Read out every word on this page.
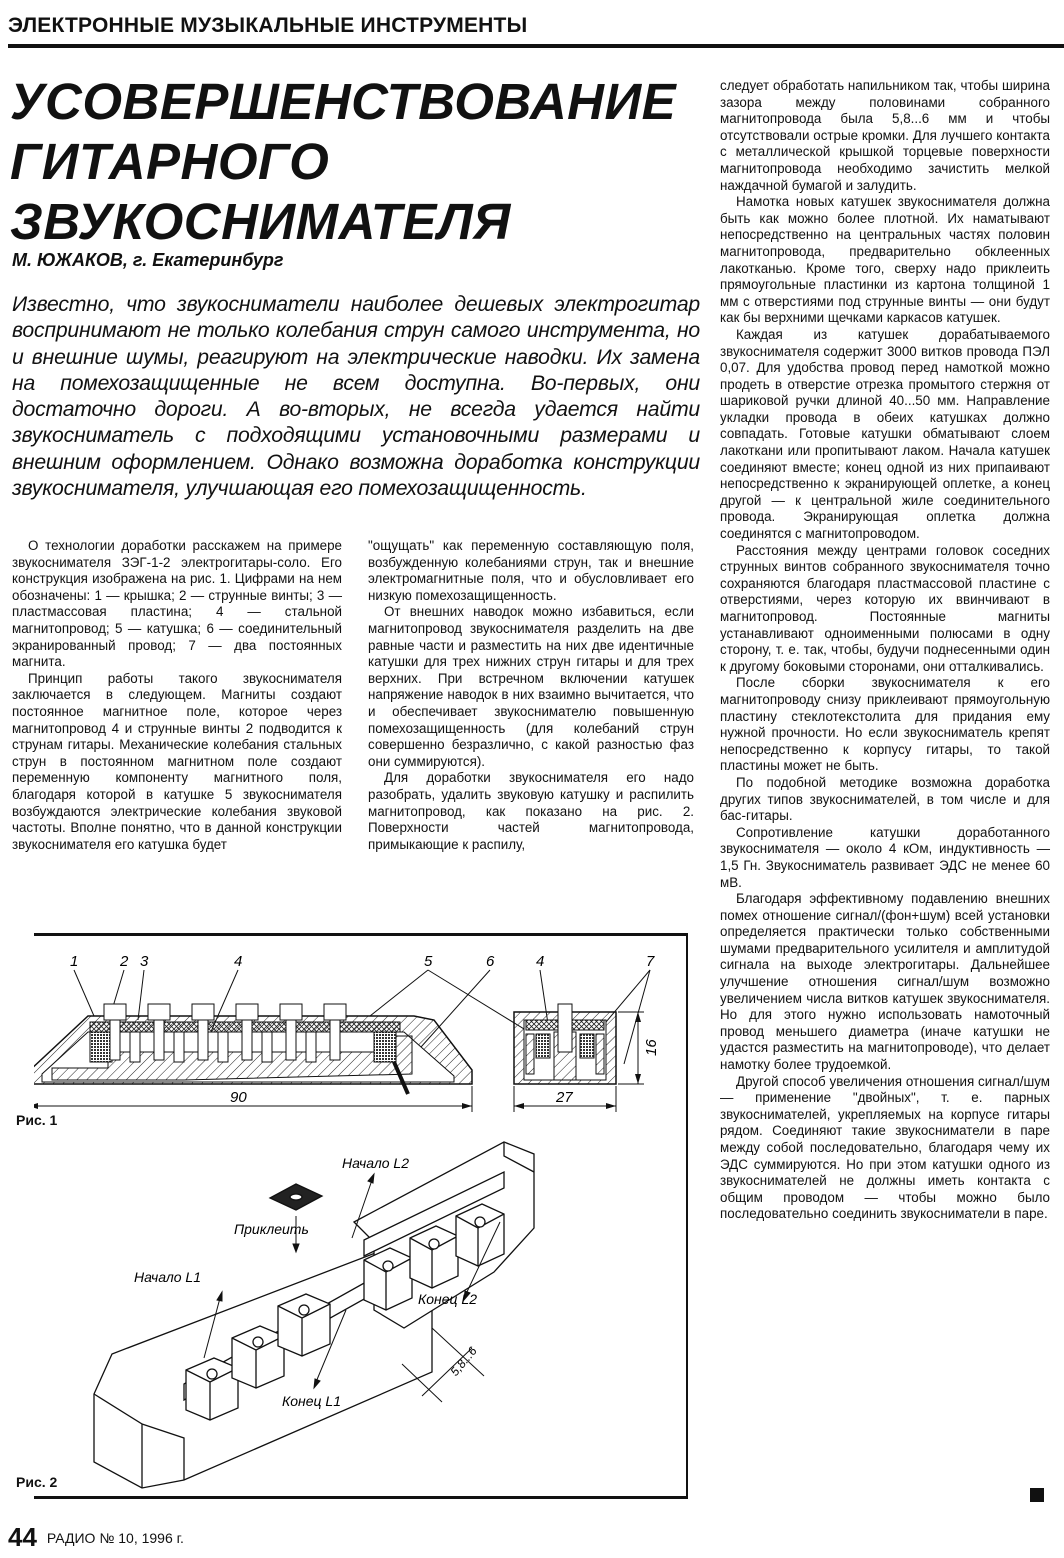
ЭЛЕКТРОННЫЕ МУЗЫКАЛЬНЫЕ ИНСТРУМЕНТЫ
УСОВЕРШЕНСТВОВАНИЕ
ГИТАРНОГО
ЗВУКОСНИМАТЕЛЯ
М. ЮЖАКОВ, г. Екатеринбург
Известно, что звукосниматели наиболее дешевых электрогитар воспринимают не только колебания струн самого инструмента, но и внешние шумы, реагируют на электрические наводки. Их замена на помехозащищенные не всем доступна. Во-первых, они достаточно дороги. А во-вторых, не всегда удается найти звукосниматель с подходящими установочными размерами и внешним оформлением. Однако возможна доработка конструкции звукоснимателя, улучшающая его помехозащищенность.

О технологии доработки расскажем на примере звукоснимателя ЗЭГ-1-2 электрогитары-соло. Его конструкция изображена на рис. 1. Цифрами на нем обозначены: 1 — крышка; 2 — струнные винты; 3 — пластмассовая пластина; 4 — стальной магнитопровод; 5 — катушка; 6 — соединительный экранированный провод; 7 — два постоянных магнита.

Принцип работы такого звукоснимателя заключается в следующем. Магниты создают постоянное магнитное поле, которое через магнитопровод 4 и струнные винты 2 подводится к струнам гитары. Механические колебания стальных струн в постоянном магнитном поле создают переменную компоненту магнитного поля, благодаря которой в катушке 5 звукоснимателя возбуждаются электрические колебания звуковой частоты. Вполне понятно, что в данной конструкции звукоснимателя его катушка будет

"ощущать" как переменную составляющую поля, возбужденную колебаниями струн, так и внешние электромагнитные поля, что и обусловливает его низкую помехозащищенность.

От внешних наводок можно избавиться, если магнитопровод звукоснимателя разделить на две равные части и разместить на них две идентичные катушки для трех нижних струн гитары и для трех верхних. При встречном включении катушек напряжение наводок в них взаимно вычитается, что и обеспечивает звукоснимателю повышенную помехозащищенность (для колебаний струн совершенно безразлично, с какой разностью фаз они суммируются).

Для доработки звукоснимателя его надо разобрать, удалить звуковую катушку и распилить магнитопровод, как показано на рис. 2. Поверхности частей магнитопровода, примыкающие к распилу,

следует обработать напильником так, чтобы ширина зазора между половинами собранного магнитопровода была 5,8...6 мм и чтобы отсутствовали острые кромки. Для лучшего контакта с металлической крышкой торцевые поверхности магнитопровода необходимо зачистить мелкой наждачной бумагой и залудить.

Намотка новых катушек звукоснимателя должна быть как можно более плотной. Их наматывают непосредственно на центральных частях половин магнитопровода, предварительно обклеенных лакотканью. Кроме того, сверху надо приклеить прямоугольные пластинки из картона толщиной 1 мм с отверстиями под струнные винты — они будут как бы верхними щечками каркасов катушек.

Каждая из катушек дорабатываемого звукоснимателя содержит 3000 витков провода ПЭЛ 0,07. Для удобства провод перед намоткой можно продеть в отверстие отрезка промытого стержня от шариковой ручки длиной 40...50 мм. Направление укладки провода в обеих катушках должно совпадать. Готовые катушки обматывают слоем лакоткани или пропитывают лаком. Начала катушек соединяют вместе; конец одной из них припаивают непосредственно к экранирующей оплетке, а конец другой — к центральной жиле соединительного провода. Экранирующая оплетка должна соединятся с магнитопроводом.

Расстояния между центрами головок соседних струнных винтов собранного звукоснимателя точно сохраняются благодаря пластмассовой пластине с отверстиями, через которую их ввинчивают в магнитопровод. Постоянные магниты устанавливают одноименными полюсами в одну сторону, т. е. так, чтобы, будучи поднесенными один к другому боковыми сторонами, они отталкивались.

После сборки звукоснимателя к его магнитопроводу снизу приклеивают прямоугольную пластину стеклотекстолита для придания ему нужной прочности. Но если звукосниматель крепят непосредственно к корпусу гитары, то такой пластины может не быть.

По подобной методике возможна доработка других типов звукоснимателей, в том числе и для бас-гитары.

Сопротивление катушки доработанного звукоснимателя — около 4 кОм, индуктивность — 1,5 Гн. Звукосниматель развивает ЭДС не менее 60 мВ.

Благодаря эффективному подавлению внешних помех отношение сигнал/(фон+шум) всей установки определяется практически только собственными шумами предварительного усилителя и амплитудой сигнала на выходе электрогитары. Дальнейшее улучшение отношения сигнал/шум возможно увеличением числа витков катушек звукоснимателя. Но для этого нужно использовать намоточный провод меньшего диаметра (иначе катушки не удастся разместить на магнитопроводе), что делает намотку более трудоемкой.

Другой способ увеличения отношения сигнал/шум — применение "двойных", т. е. парных звукоснимателей, укрепляемых на корпусе гитары рядом. Соединяют такие звукосниматели в паре между собой последовательно, благодаря чему их ЭДС суммируются. Но при этом катушки одного из звукоснимателей не должны иметь контакта с общим проводом — чтобы можно было последовательно соединить звукосниматели в паре.

1	2 3	4	5	6	4	7
90	27
16
Рис. 1
Начало L2
Приклеить
Начало L1
Конец L2
Конец L1
5,8...6
Рис. 2
44 РАДИО № 10, 1996 г.
